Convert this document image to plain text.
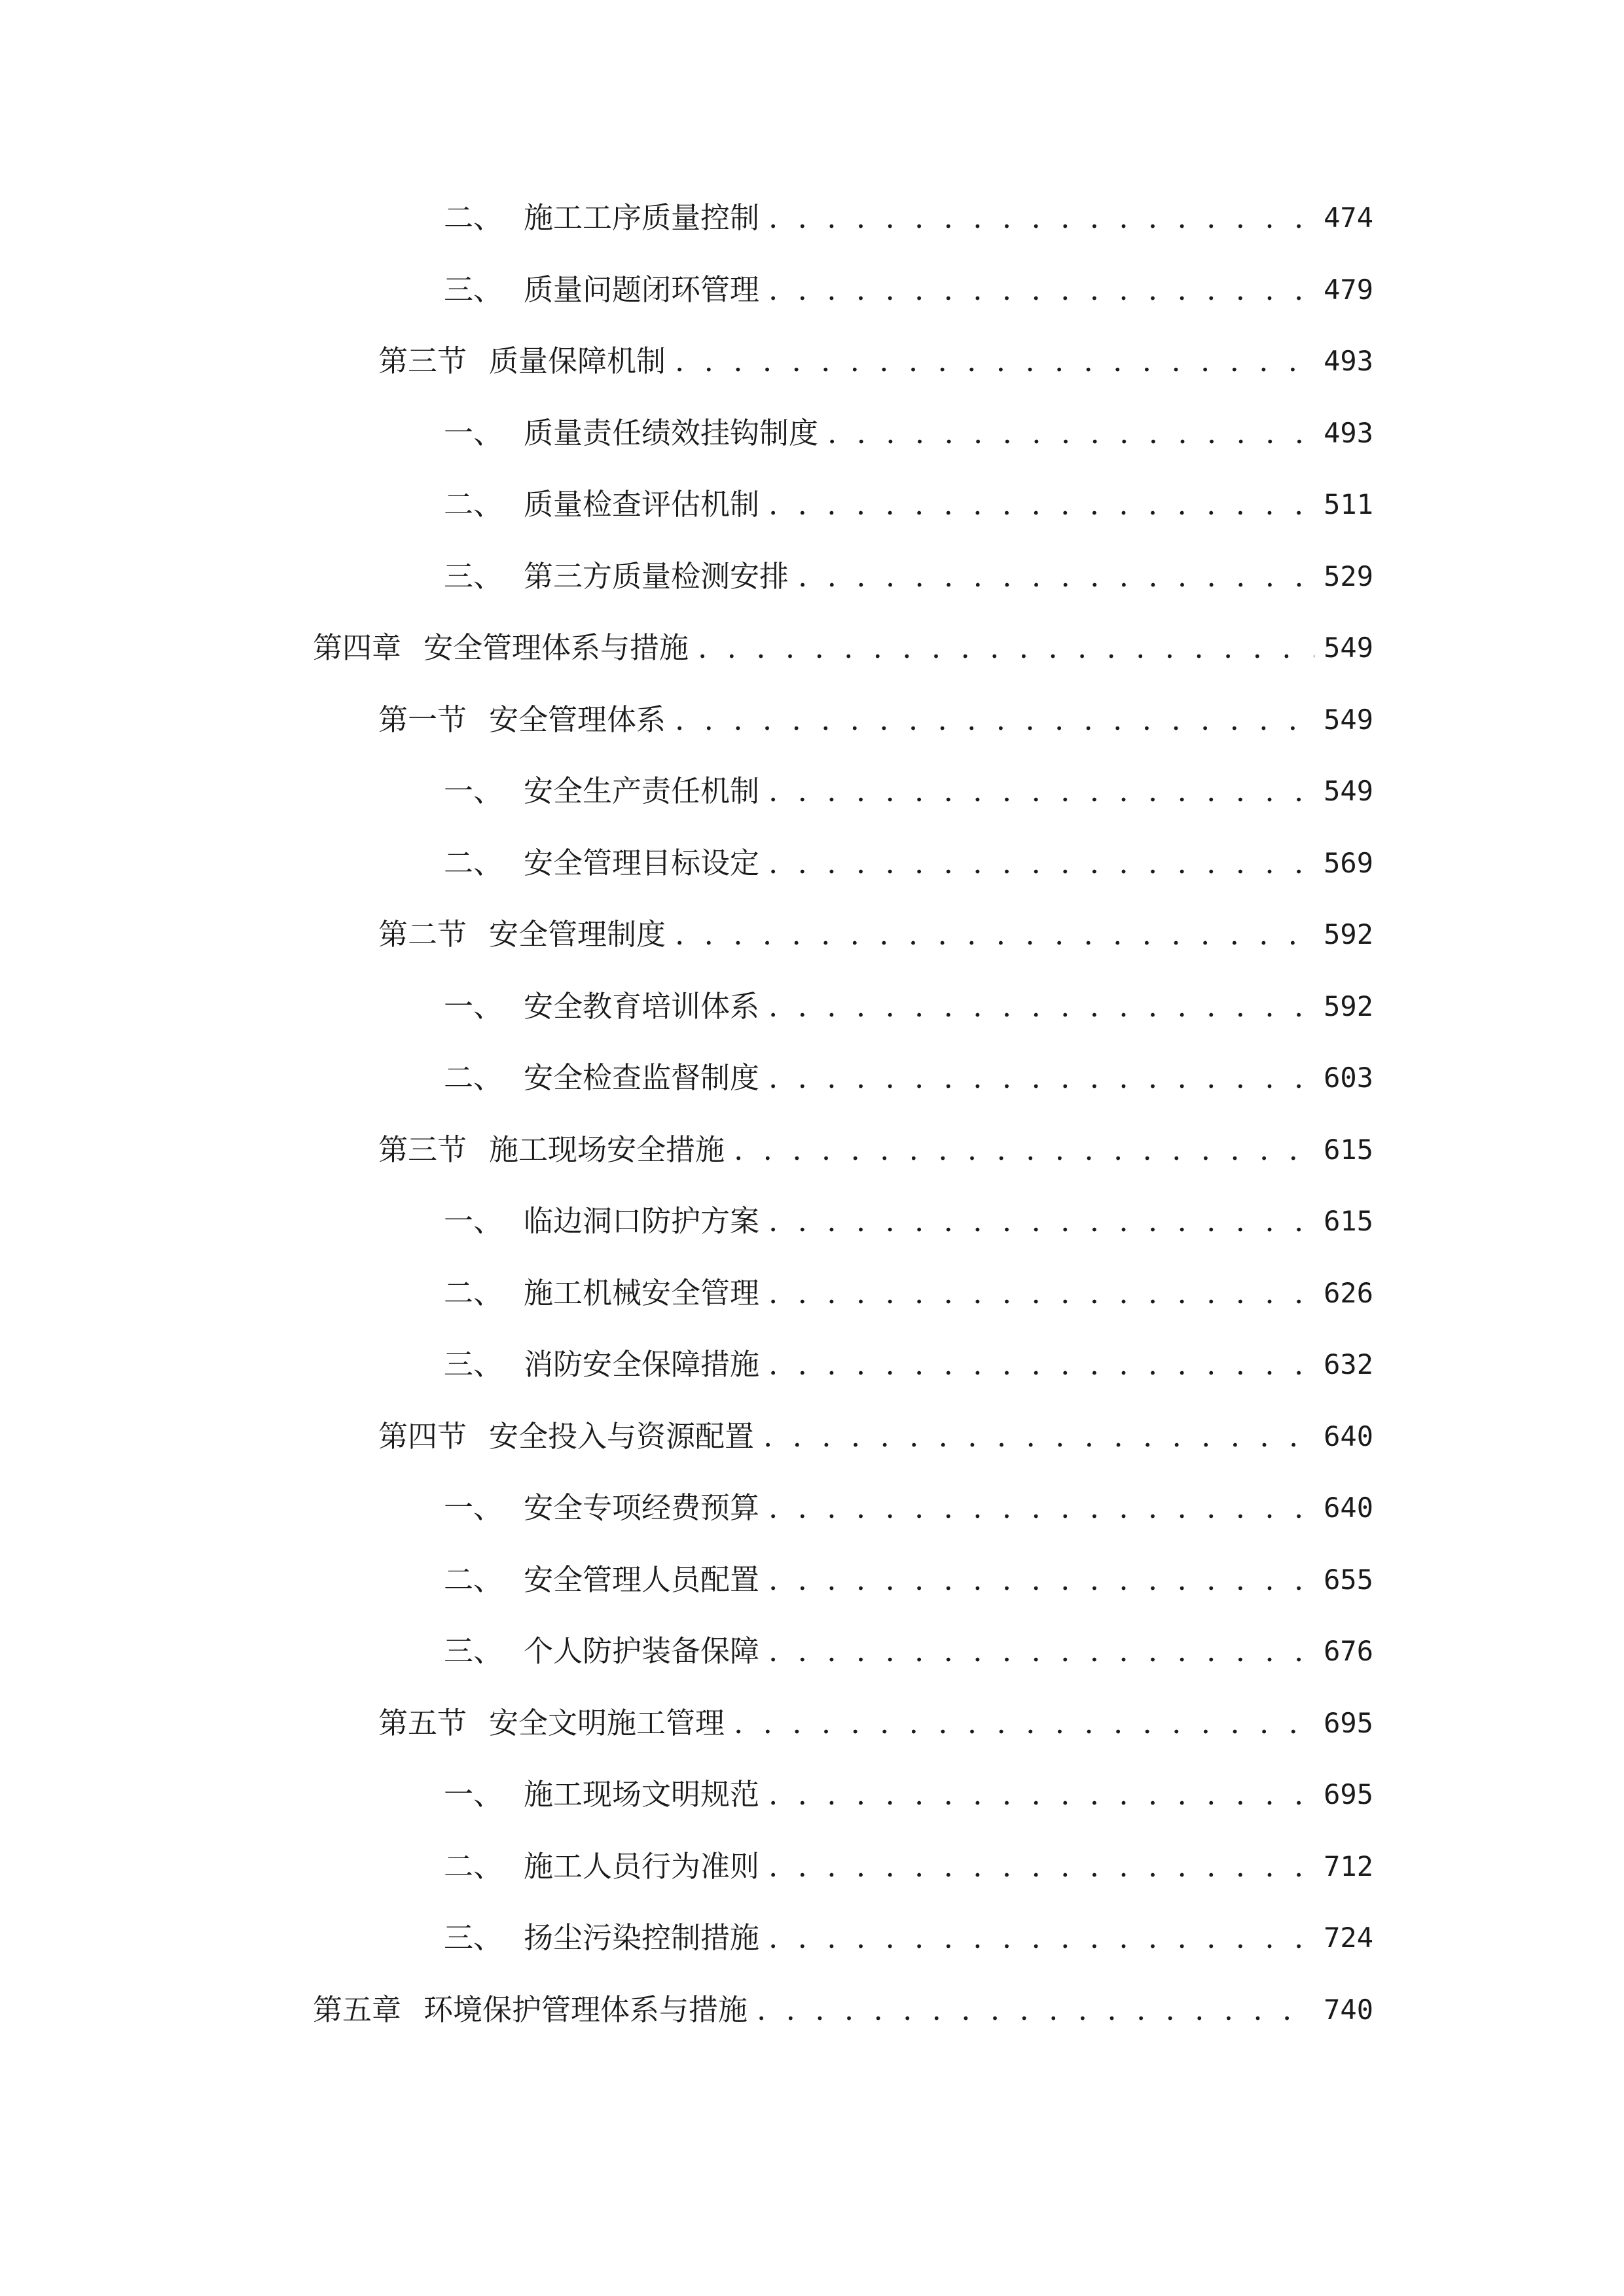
二、 施工工序质量控制 . . .	474
三、 质量问题闭环管理 . . .	479
第三节 质量保障机制 . . .	493
一、 质量责任绩效挂钩制度 . . .	493
二、 质量检查评估机制 . . .	511
三、 第三方质量检测安排 . . .	529
第四章 安全管理体系与措施 . . .	549
第一节 安全管理体系 . . .	549
一、 安全生产责任机制 . . .	549
二、 安全管理目标设定 . . .	569
第二节 安全管理制度 . . .	592
一、 安全教育培训体系 . . .	592
二、 安全检查监督制度 . . .	603
第三节 施工现场安全措施 . . .	615
一、 临边洞口防护方案 . . .	615
二、 施工机械安全管理 . . .	626
三、 消防安全保障措施 . . .	632
第四节 安全投入与资源配置 . . .	640
一、 安全专项经费预算 . . .	640
二、 安全管理人员配置 . . .	655
三、 个人防护装备保障 . . .	676
第五节 安全文明施工管理 . . .	695
一、 施工现场文明规范 . . .	695
二、 施工人员行为准则 . . .	712
三、 扬尘污染控制措施 . . .	724
第五章 环境保护管理体系与措施 . . .	740
